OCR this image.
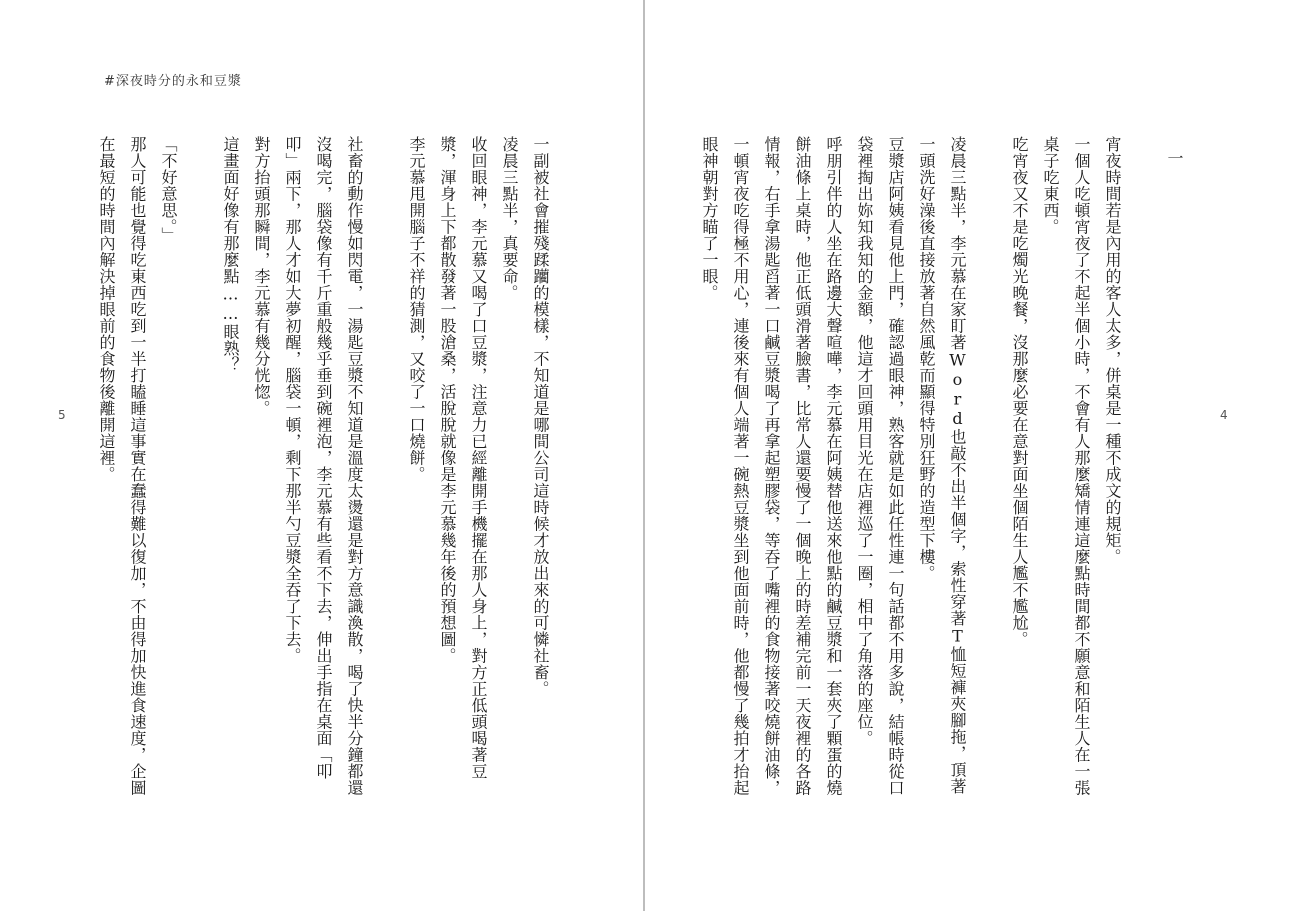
#深夜時分的永和豆漿

一副被社會摧殘蹂躪的模樣，不知道是哪間公司這時候才放出來的可憐社畜。

凌晨三點半，真要命。

收回眼神，李元慕又喝了口豆漿，注意力已經離開手機擺在那人身上，對方正低頭喝著豆漿，渾身上下都散發著一股滄桑，活脫脫就像是李元慕幾年後的預想圖。

李元慕甩開腦子不祥的猜測，又咬了一口燒餅。

社畜的動作慢如閃電，一湯匙豆漿不知道是溫度太燙還是對方意識渙散，喝了快半分鐘都還沒喝完，腦袋像有千斤重般幾乎垂到碗裡泡，李元慕有些看不下去，伸出手指在桌面「叩叩」兩下，那人才如大夢初醒，腦袋一頓，剩下那半勺豆漿全吞了下去。

對方抬頭那瞬間，李元慕有幾分恍惚。

這畫面好像有那麼點……眼熟？

「不好意思。」

那人可能也覺得吃東西吃到一半打瞌睡這事實在蠢得難以復加，不由得加快進食速度，企圖在最短的時間內解決掉眼前的食物後離開這裡。

5	4

一

宵夜時間若是內用的客人太多，併桌是一種不成文的規矩。

一個人吃頓宵夜了不起半個小時，不會有人那麼矯情連這麼點時間都不願意和陌生人在一張桌子吃東西。

吃宵夜又不是吃燭光晚餐，沒那麼必要在意對面坐個陌生人尷不尷尬。

凌晨三點半，李元慕在家盯著Word也敲不出半個字，索性穿著T恤短褲夾腳拖，頂著一頭洗好澡後直接放著自然風乾而顯得特別狂野的造型下樓。

豆漿店阿姨看見他上門，確認過眼神，熟客就是如此任性連一句話都不用多說，結帳時從口袋裡掏出妳知我知的金額，他這才回頭用目光在店裡巡了一圈，相中了角落的座位。

呼朋引伴的人坐在路邊大聲喧嘩，李元慕在阿姨替他送來他點的鹹豆漿和一套夾了顆蛋的燒餅油條上桌時，他正低頭滑著臉書，比常人還要慢了一個晚上的時差補完前一天夜裡的各路情報，右手拿湯匙舀著一口鹹豆漿喝了再拿起塑膠袋，等吞了嘴裡的食物接著咬燒餅油條，一頓宵夜吃得極不用心，連後來有個人端著一碗熱豆漿坐到他面前時，他都慢了幾拍才抬起眼神朝對方瞄了一眼。
